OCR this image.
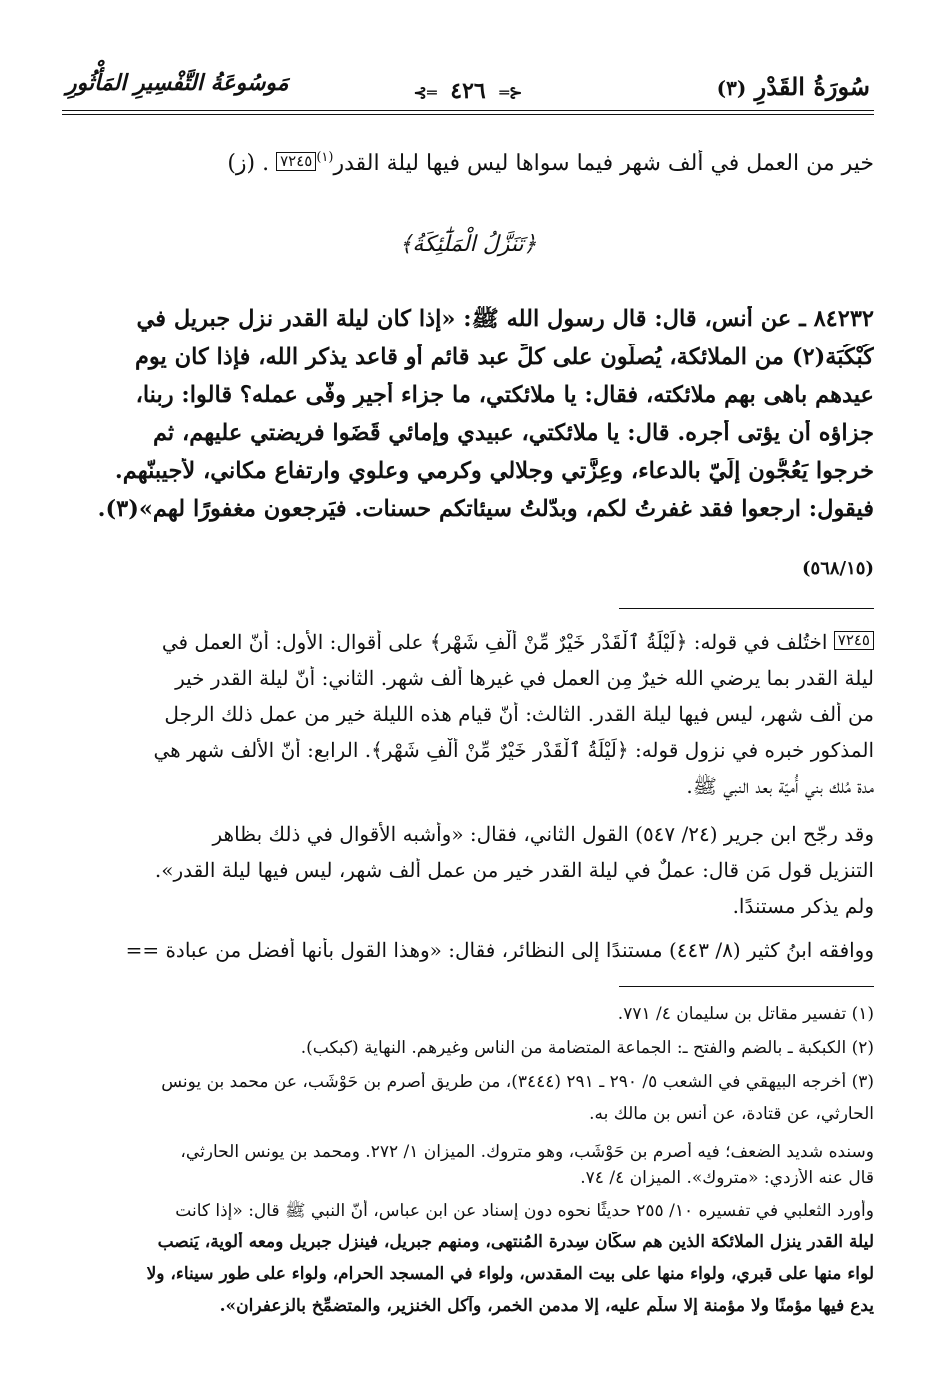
سُورَةُ القَدْرِ (٣)
⊰═ ٤٢٦ ═⊱
مَوسُوعَةُ التَّفْسِيرِ المَأْثُورِ
خير من العمل في ألف شهر فيما سواها ليس فيها ليلة القدر$^{(١)}$٧٢٤٥ . (ز)
﴿تَنَزَّلُ الْمَلَٰٓئِكَةُ﴾
٨٤٢٣٢ ـ عن أنس، قال: قال رسول الله ﷺ: «إذا كان ليلة القدر نزل جبريل في
كُبْكُبَة(٢) من الملائكة، يُصلُّون على كلِّ عبد قائم أو قاعد يذكر الله، فإذا كان يوم
عيدهم باهى بهم ملائكته، فقال: يا ملائكتي، ما جزاء أجيرٍ وفّى عمله؟ قالوا: ربنا،
جزاؤه أن يؤتى أجره. قال: يا ملائكتي، عبيدي وإمائي قَضَوا فريضتي عليهم، ثم
خرجوا يَعُجُّون إلَيّ بالدعاء، وعِزَّتي وجلالي وكرمي وعلوي وارتفاع مكاني، لأجيبنّهم.
فيقول: ارجعوا فقد غفرتُ لكم، وبدّلتُ سيئاتكم حسنات. فيَرجعون مغفورًا لهم»(٣).
(٥٦٨/١٥)
٧٢٤٥ اختُلف في قوله: ﴿لَيْلَةُ ٱلْقَدْرِ خَيْرٌ مِّنْ أَلْفِ شَهْرٍ﴾ على أقوال: الأول: أنّ العمل في
ليلة القدر بما يرضي الله خيرٌ مِن العمل في غيرها ألف شهر. الثاني: أنّ ليلة القدر خير
من ألف شهر، ليس فيها ليلة القدر. الثالث: أنّ قيام هذه الليلة خير من عمل ذلك الرجل
المذكور خبره في نزول قوله: ﴿لَيْلَةُ ٱلْقَدْرِ خَيْرٌ مِّنْ أَلْفِ شَهْرٍ﴾. الرابع: أنّ الألف شهر هي
مدة مُلك بني أُميّة بعد النبي ﷺ.
وقد رجّح ابن جرير (٢٤/ ٥٤٧) القول الثاني، فقال: «وأشبه الأقوال في ذلك بظاهر
التنزيل قول مَن قال: عملٌ في ليلة القدر خير من عمل ألف شهر، ليس فيها ليلة القدر».
ولم يذكر مستندًا.
ووافقه ابنُ كثير (٨/ ٤٤٣) مستندًا إلى النظائر، فقال: «وهذا القول بأنها أفضل من عبادة ==
(١) تفسير مقاتل بن سليمان ٤/ ٧٧١.
(٢) الكبكبة ـ بالضم والفتح ـ: الجماعة المتضامة من الناس وغيرهم. النهاية (كبكب).
(٣) أخرجه البيهقي في الشعب ٥/ ٢٩٠ ـ ٢٩١ (٣٤٤٤)، من طريق أصرم بن حَوْشَب، عن محمد بن يونس
الحارثي، عن قتادة، عن أنس بن مالك به.
وسنده شديد الضعف؛ فيه أصرم بن حَوْشَب، وهو متروك. الميزان ١/ ٢٧٢. ومحمد بن يونس الحارثي،
قال عنه الأزدي: «متروك». الميزان ٤/ ٧٤.
وأورد الثعلبي في تفسيره ١٠/ ٢٥٥ حديثًا نحوه دون إسناد عن ابن عباس، أنّ النبي ﷺ قال: «إذا كانت
ليلة القدر ينزل الملائكة الذين هم سكّان سِدرة المُنتهى، ومنهم جبريل، فينزل جبريل ومعه ألوية، يَنصب
لواء منها على قبري، ولواء منها على بيت المقدس، ولواء في المسجد الحرام، ولواء على طور سيناء، ولا
يدع فيها مؤمنًا ولا مؤمنة إلا سلّم عليه، إلا مدمن الخمر، وآكل الخنزير، والمتضمِّخ بالزعفران».
